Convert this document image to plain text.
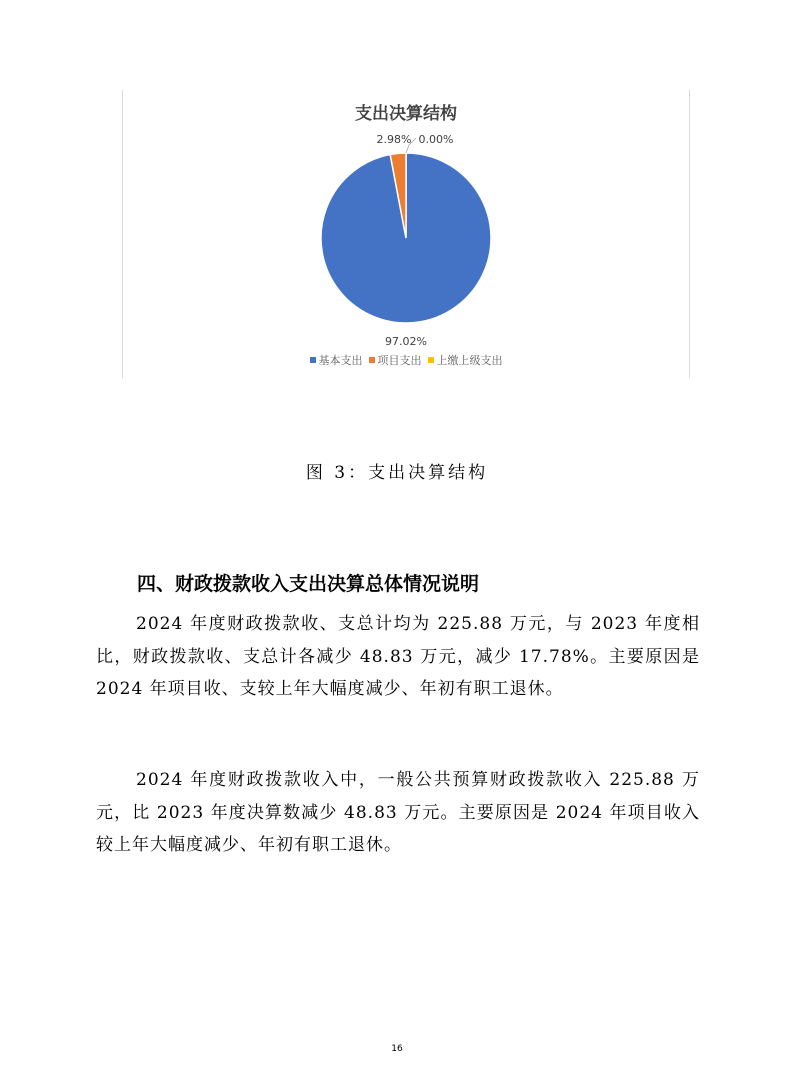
支出决算结构
97.02%
2.98% 0.00%
基本支出 项目支出 上缴上级支出
图 3：支出决算结构
四、财政拨款收入支出决算总体情况说明
2024 年度财政拨款收、支总计均为 225.88 万元，与 2023 年度相比，财政拨款收、支总计各减少 48.83 万元，减少 17.78%。主要原因是 2024 年项目收、支较上年大幅度减少、年初有职工退休。
2024 年度财政拨款收入中，一般公共预算财政拨款收入 225.88 万元，比 2023 年度决算数减少 48.83 万元。主要原因是 2024 年项目收入较上年大幅度减少、年初有职工退休。
16
